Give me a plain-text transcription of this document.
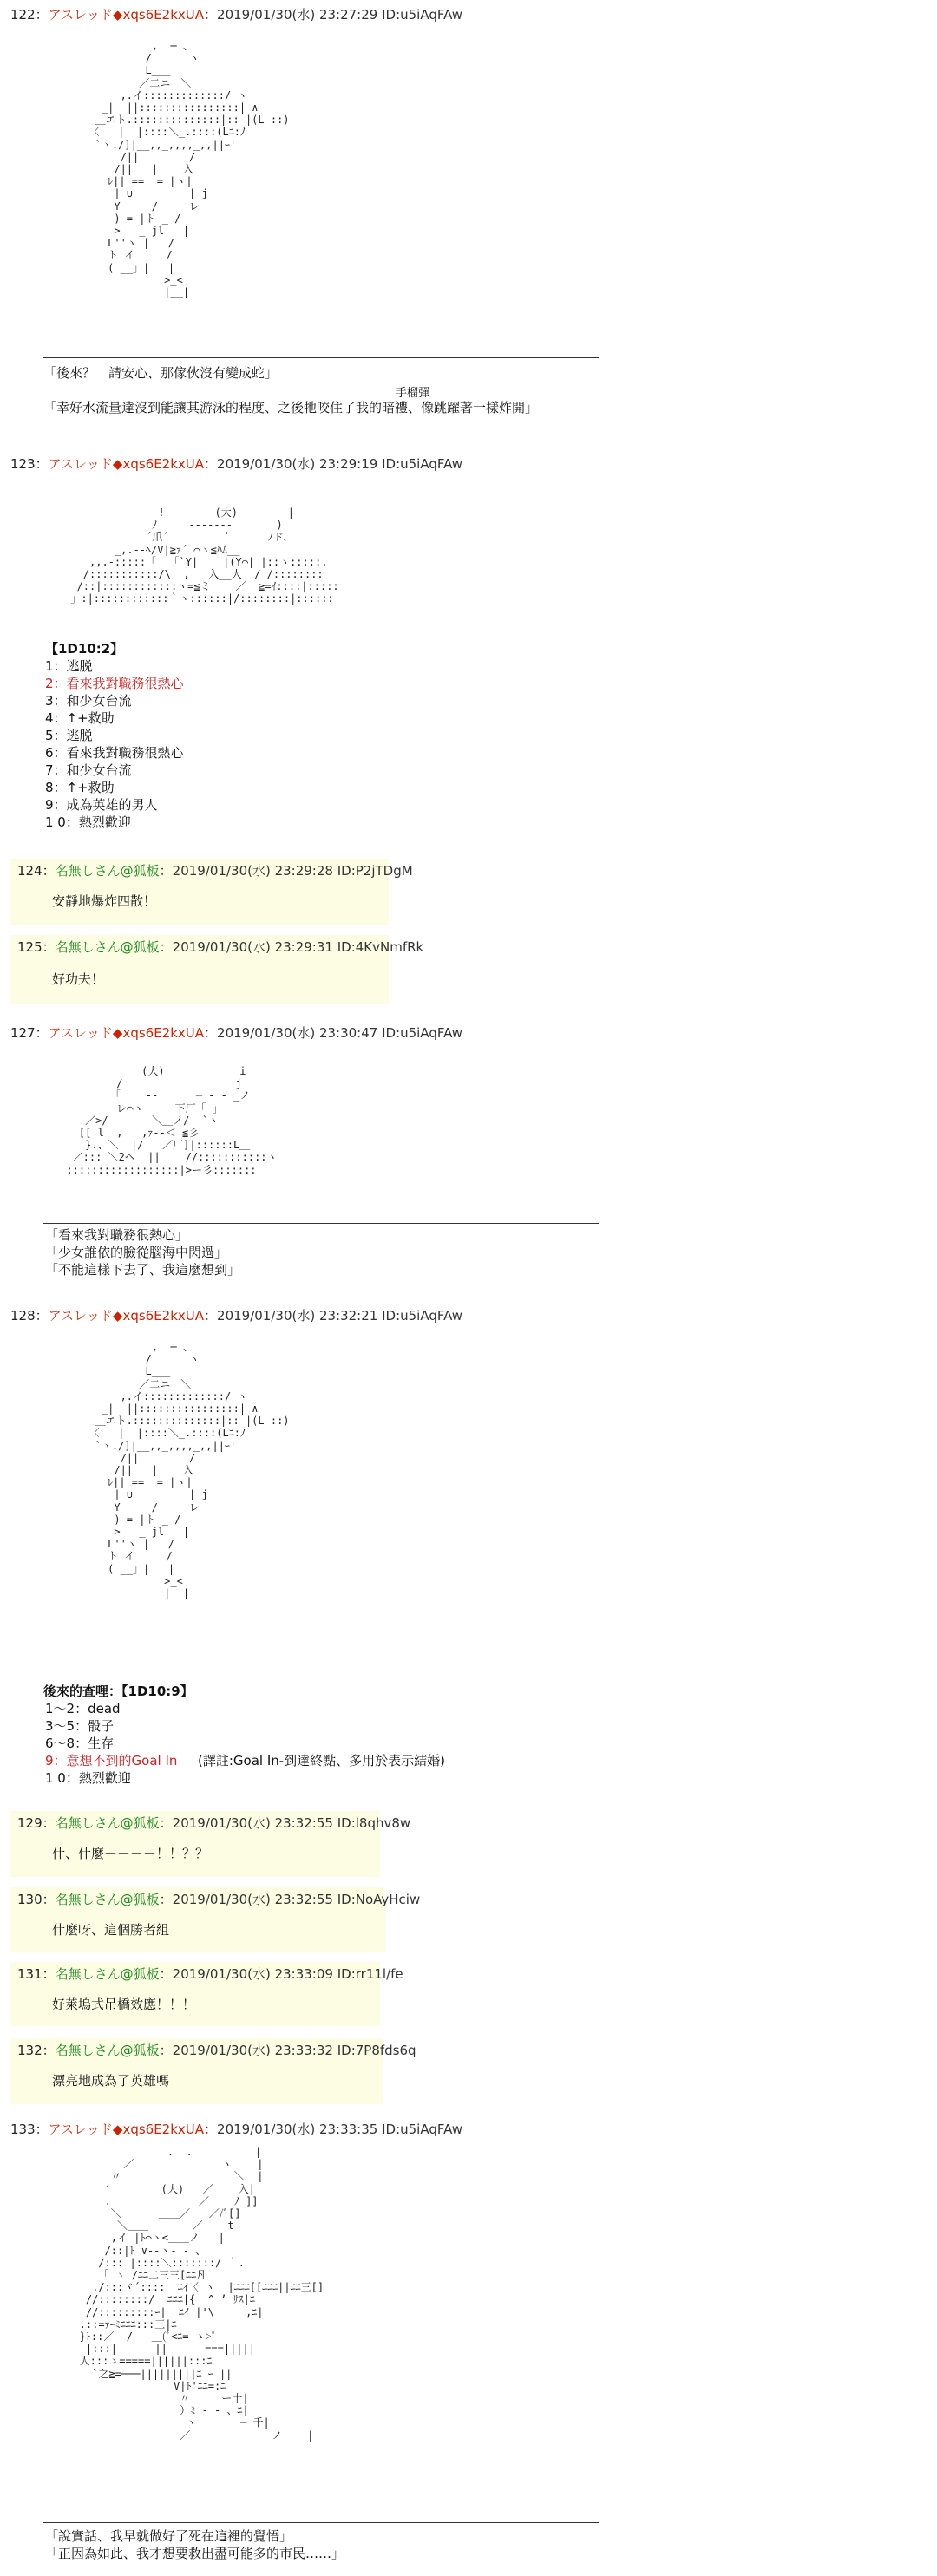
122：アスレッド◆xqs6E2kxUA：2019/01/30(水) 23:27:29 ID:u5iAqFAw
,  ─ 、
/      ヽ
L___」
／二ニ＿＼
,.イ:::::::::::::/ ヽ
_|  ||::::::::::::::::| ∧
＿エト.::::::::::::::|:: |(L ::)
〈   |  |::::＼_.::::(Lﾆ:ﾉ
`ヽ./]|__,,_,,,,_,,||ｰ'
/||        /
/||   |    入
ﾚ|| ==  = |ヽ|
| ∪    |    | j
Y     /|    レ
) = |ト _ /
>   _ jl   |
Г''ヽ |   /
ト イ     /
( __」|   |
>_<
|__|
「後來？　請安心、那傢伙沒有變成蛇」
手榴彈
「幸好水流量達沒到能讓其游泳的程度、之後牠咬住了我的暗禮、像跳躍著一樣炸開」
123：アスレッド◆xqs6E2kxUA：2019/01/30(水) 23:29:19 ID:u5iAqFAw
!        (大)        |
ﾉ     ‐‐‐‐-‐‐       )
´爪´         ﾞ      ﾉド、
_,.--ﾍ/V|≧ｧ´ ⌒ヽ≦ﾊﾑ__
,,.-:::::「  「`Y|    |(Y⌒| |::ヽ:::::.
/:::::::::::/\  ,   入__人  / /::::::::
/::|::::::::::::ヽ=≦ミ    ／  ≧=ｲ::::|:::::
」:|::::::::::::｀ヽ::::::|/::::::::|::::::
【1D10:2】
1：逃脱
2：看來我對職務很熱心
3：和少女台流
4：↑+救助
5：逃脱
6：看來我對職務很熱心
7：和少女台流
8：↑+救助
9：成為英雄的男人
1 0：熱烈歡迎
124：名無しさん@狐板：2019/01/30(水) 23:29:28 ID:P2jTDgM
安靜地爆炸四散！
125：名無しさん@狐板：2019/01/30(水) 23:29:31 ID:4KvNmfRk
好功夫！
127：アスレッド◆xqs6E2kxUA：2019/01/30(水) 23:30:47 ID:u5iAqFAw
(大)            i
/                  j
「    ‐‐      ─ ‐ ‐ _ノ
レ⌒ヽ     下厂「 」
／>/       ＼＿ノ/  `ヽ
[[ l  ,   ,ｧ‐-＜ ≦彡
}.、＼  |/   ／厂]|::::::L＿
／::: ＼2ヘ  ||    //:::::::::::ヽ
::::::::::::::::::|>ー彡:::::::
「看來我對職務很熱心」
「少女誰依的臉從腦海中閃過」
「不能這樣下去了、我這麼想到」
128：アスレッド◆xqs6E2kxUA：2019/01/30(水) 23:32:21 ID:u5iAqFAw
,  ─ 、
/      ヽ
L___」
／二ニ＿＼
,.イ:::::::::::::/ ヽ
_|  ||::::::::::::::::| ∧
＿エト.::::::::::::::|:: |(L ::)
〈   |  |::::＼_.::::(Lﾆ:ﾉ
`ヽ./]|__,,_,,,,_,,||ｰ'
/||        /
/||   |    入
ﾚ|| ==  = |ヽ|
| ∪    |    | j
Y     /|    レ
) = |ト _ /
>   _ jl   |
Г''ヽ |   /
ト イ     /
( __」|   |
>_<
|__|
後來的查哩：【1D10:9】
1～2：dead
3～5：骰子
6～8：生存
9：意想不到的Goal In
1 0：熱烈歡迎
(譯註:Goal In-到達終點、多用於表示結婚)
129：名無しさん@狐板：2019/01/30(水) 23:32:55 ID:l8qhv8w
什、什麼－－－－！！？？
130：名無しさん@狐板：2019/01/30(水) 23:32:55 ID:NoAyHciw
什麼呀、這個勝者組
131：名無しさん@狐板：2019/01/30(水) 23:33:09 ID:rr11l/fe
好萊塢式吊橋效應！！！
132：名無しさん@狐板：2019/01/30(水) 23:33:32 ID:7P8fds6q
漂亮地成為了英雄嗎
133：アスレッド◆xqs6E2kxUA：2019/01/30(水) 23:33:35 ID:u5iAqFAw
.  .          |
／              ヽ    |
〃                  ＼  |
′        (大)   ／    入|
.              ／    ﾉ ]]
＼      ＿＿／   ／/ﾞ[]
＼＿＿       ／    t
,イ |ﾄ⌒ヽ<＿＿ノ   |
/::|ﾄ ∨‐‐ヽ- ‐ 、
/::: |::::＼:::::::/ ｀.
「 ヽ /ﾆﾆ二三三[ﾆﾆ凡
./:::ヾ´::::  ﾆｲ〈 ヽ  |ﾆﾆﾆ[[ﾆﾆﾆ||ﾆﾆ三[]
//::::::::/  ﾆﾆﾆ|{  ^ ’ ｻｽ|ﾆ
//:::::::::ｰ|  ﾆｲ |'\   __,ﾆ|
.::=ｧｰﾐﾆﾆﾆ:::三|ﾆ
}ﾄ::／  /   ＿(ﾞ<ﾆ=-ゝ>ﾟ
|:::|      ||      ===|||||
人:::ゝ=====||||||:::ﾆ
`之≧=───|||||||||ﾆ ｰ ||
V|ﾄ'ﾆﾆ=:ﾆ
〃     ー十|
）ﾐ ‐ ‐ 、ﾆ|
ヽ       ─ 千|
／             ノ    |
「說實話、我早就做好了死在這裡的覺悟」
「正因為如此、我才想要救出盡可能多的市民……」
